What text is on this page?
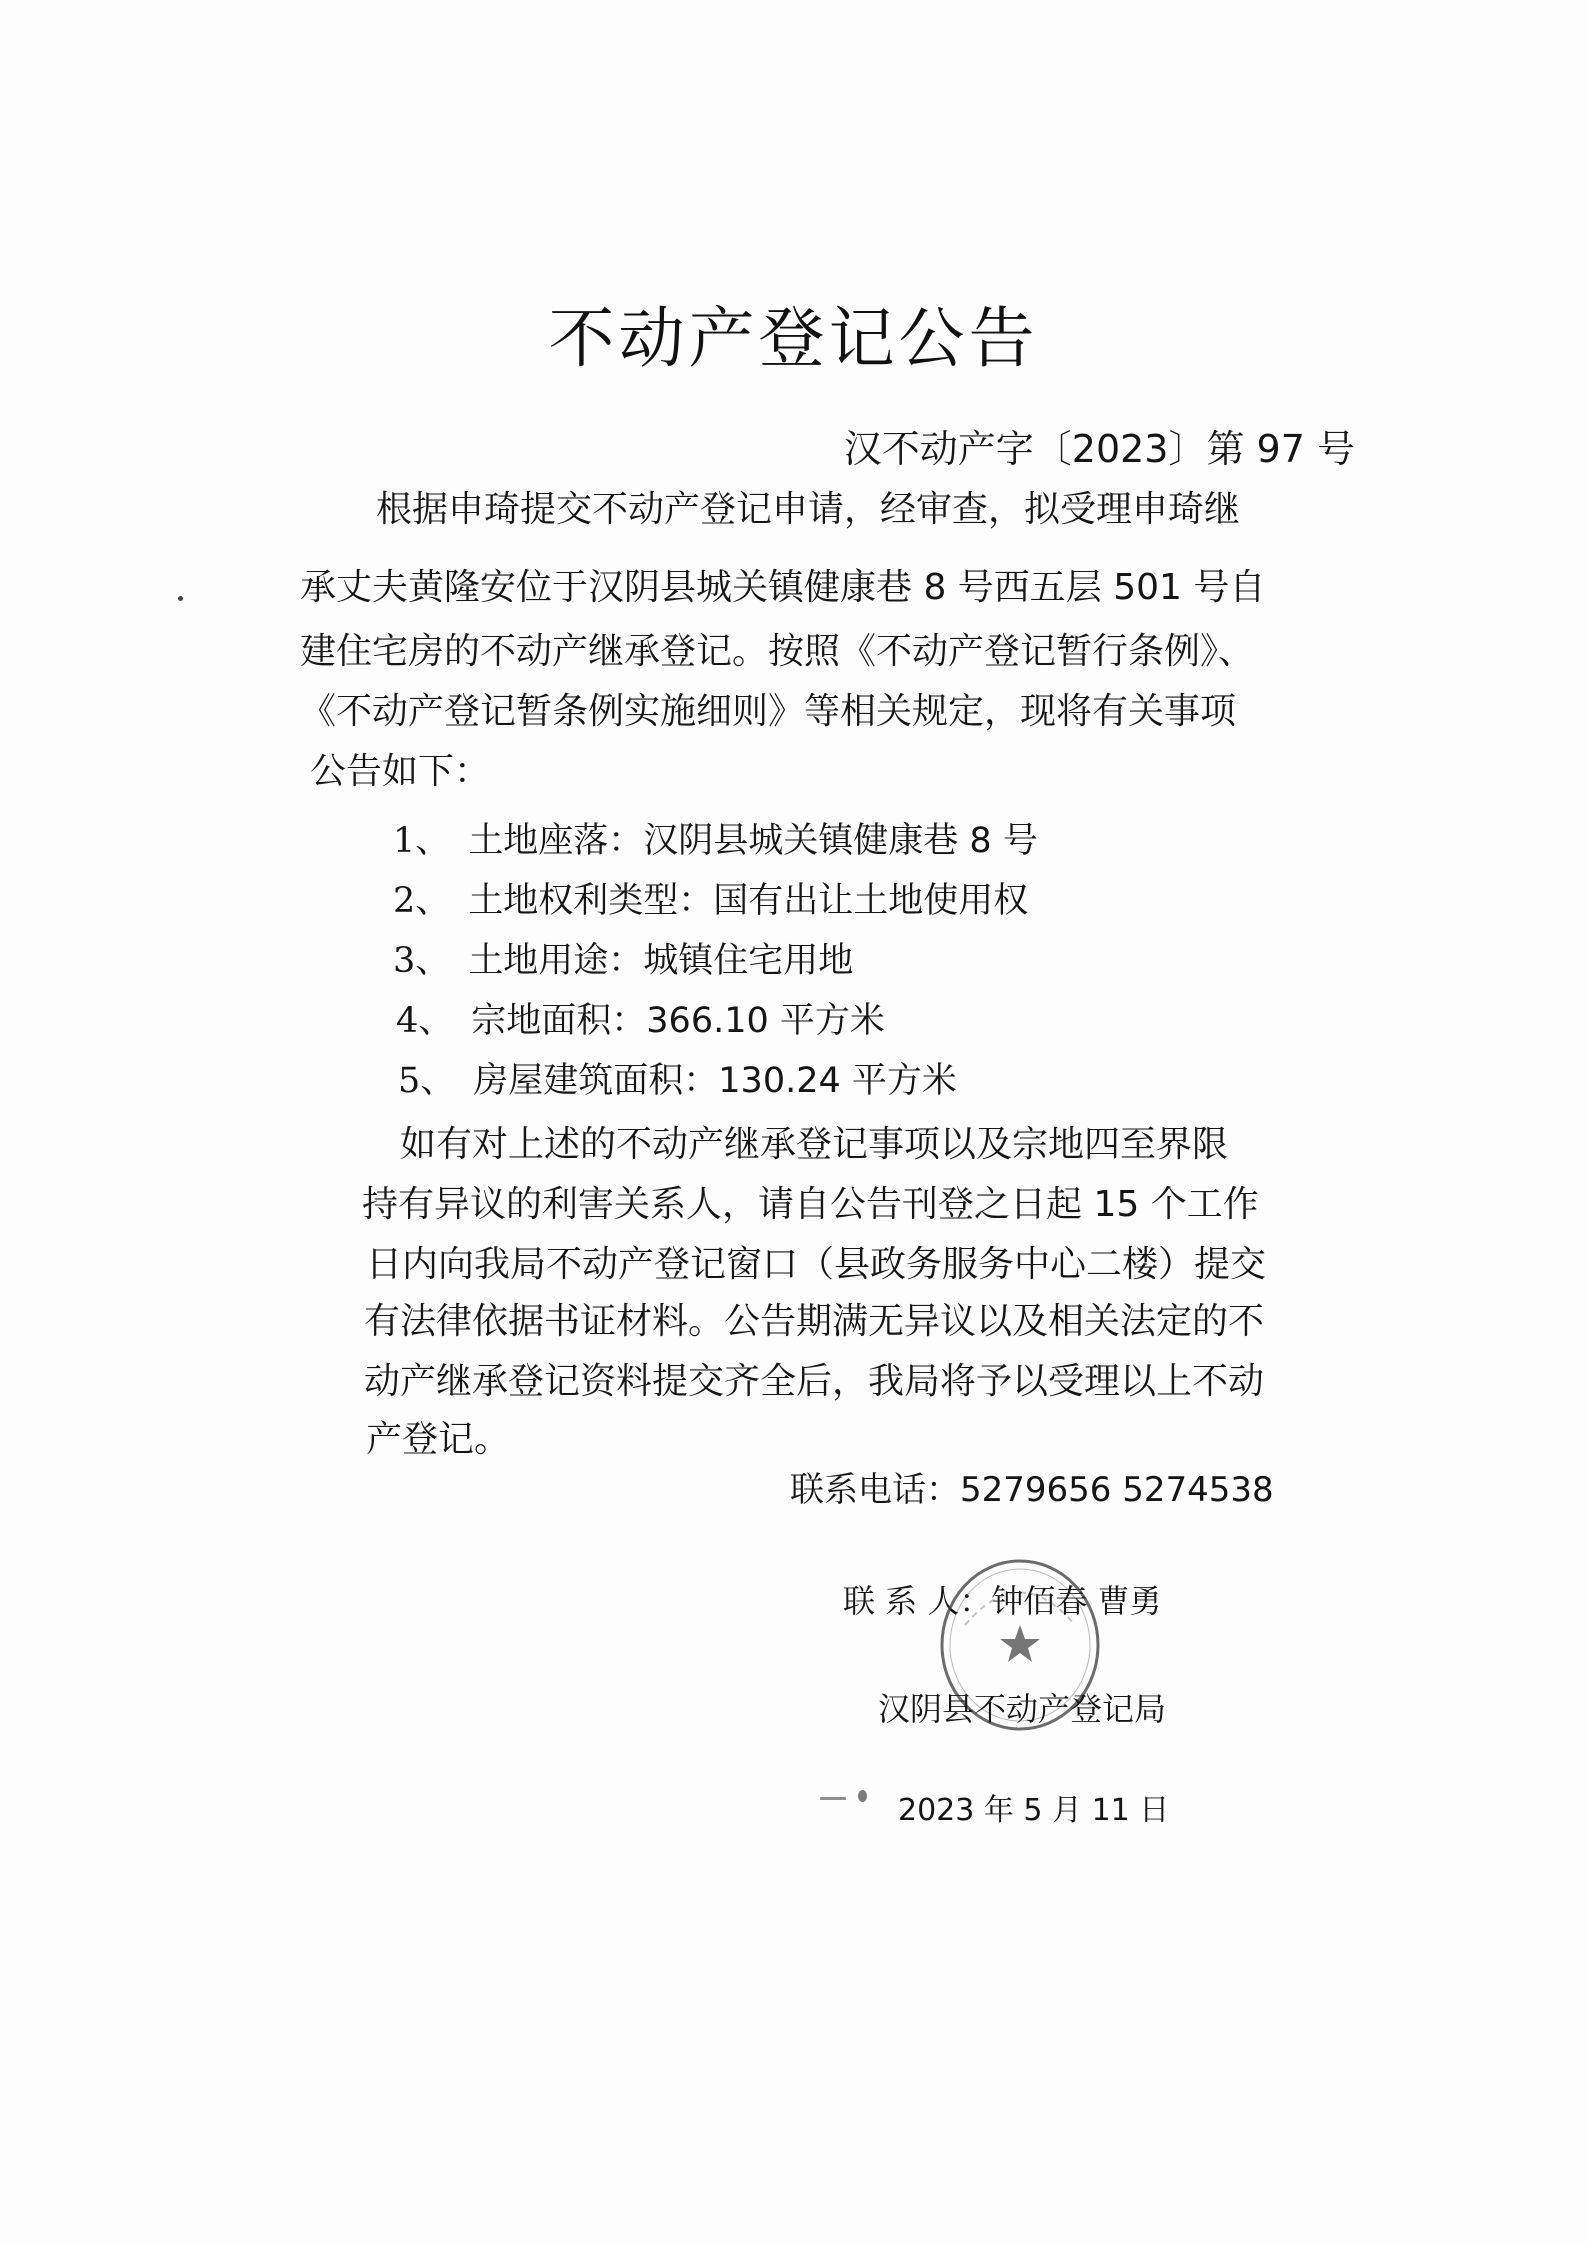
不动产登记公告
汉不动产字〔2023〕第 97 号
根据申琦提交不动产登记申请，经审查，拟受理申琦继
承丈夫黄隆安位于汉阴县城关镇健康巷 8 号西五层 501 号自
建住宅房的不动产继承登记。按照《不动产登记暂行条例》、
《不动产登记暂条例实施细则》等相关规定，现将有关事项
公告如下：
1、 土地座落：汉阴县城关镇健康巷 8 号
2、 土地权利类型：国有出让土地使用权
3、 土地用途：城镇住宅用地
4、 宗地面积：366.10 平方米
5、 房屋建筑面积：130.24 平方米
如有对上述的不动产继承登记事项以及宗地四至界限
持有异议的利害关系人，请自公告刊登之日起 15 个工作
日内向我局不动产登记窗口（县政务服务中心二楼）提交
有法律依据书证材料。公告期满无异议以及相关法定的不
动产继承登记资料提交齐全后，我局将予以受理以上不动
产登记。
联系电话：5279656 5274538
联 系 人：钟佰春 曹勇
汉阴县不动产登记局
2023 年 5 月 11 日
